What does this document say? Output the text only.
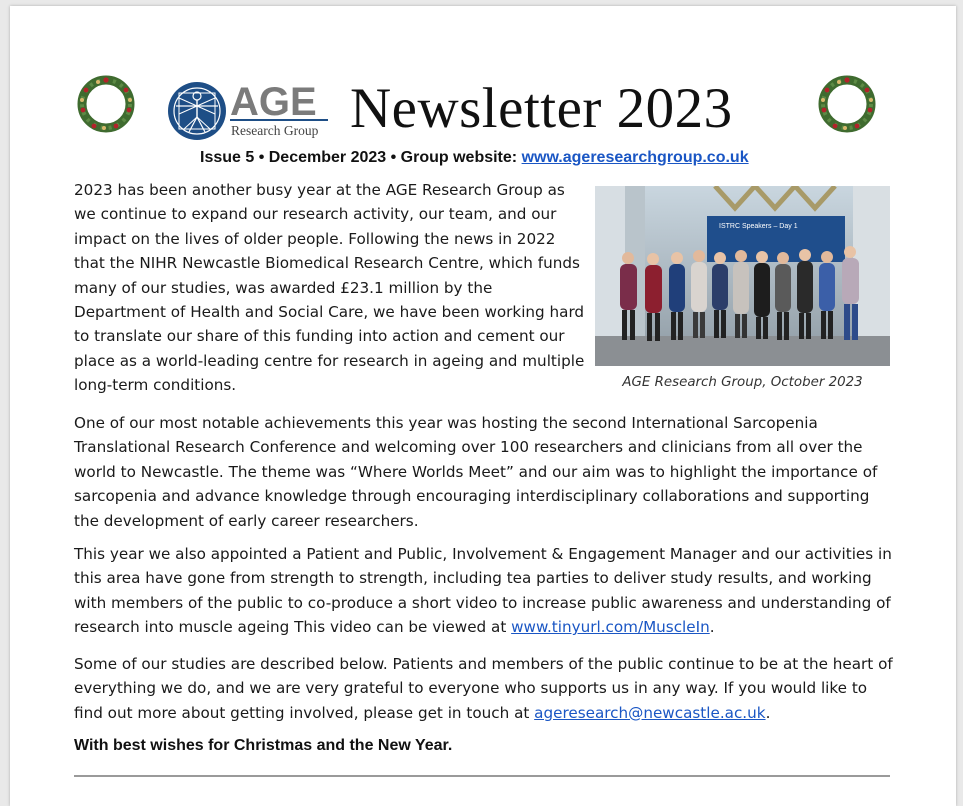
AGE
Research Group Newsletter 2023
Issue 5 • December 2023 • Group website: www.ageresearchgroup.co.uk

2023 has been another busy year at the AGE Research Group as we continue to expand our research activity, our team, and our impact on the lives of older people. Following the news in 2022 that the NIHR Newcastle Biomedical Research Centre, which funds many of our studies, was awarded £23.1 million by the Department of Health and Social Care, we have been working hard to translate our share of this funding into action and cement our place as a world-leading centre for research in ageing and multiple long-term conditions.

ISTRC Speakers – Day 1
AGE Research Group, October 2023

One of our most notable achievements this year was hosting the second International Sarcopenia Translational Research Conference and welcoming over 100 researchers and clinicians from all over the world to Newcastle. The theme was “Where Worlds Meet” and our aim was to highlight the importance of sarcopenia and advance knowledge through encouraging interdisciplinary collaborations and supporting the development of early career researchers.

This year we also appointed a Patient and Public, Involvement & Engagement Manager and our activities in this area have gone from strength to strength, including tea parties to deliver study results, and working with members of the public to co-produce a short video to increase public awareness and understanding of research into muscle ageing This video can be viewed at www.tinyurl.com/MuscleIn.

Some of our studies are described below. Patients and members of the public continue to be at the heart of everything we do, and we are very grateful to everyone who supports us in any way. If you would like to find out more about getting involved, please get in touch at ageresearch@newcastle.ac.uk.

With best wishes for Christmas and the New Year.
